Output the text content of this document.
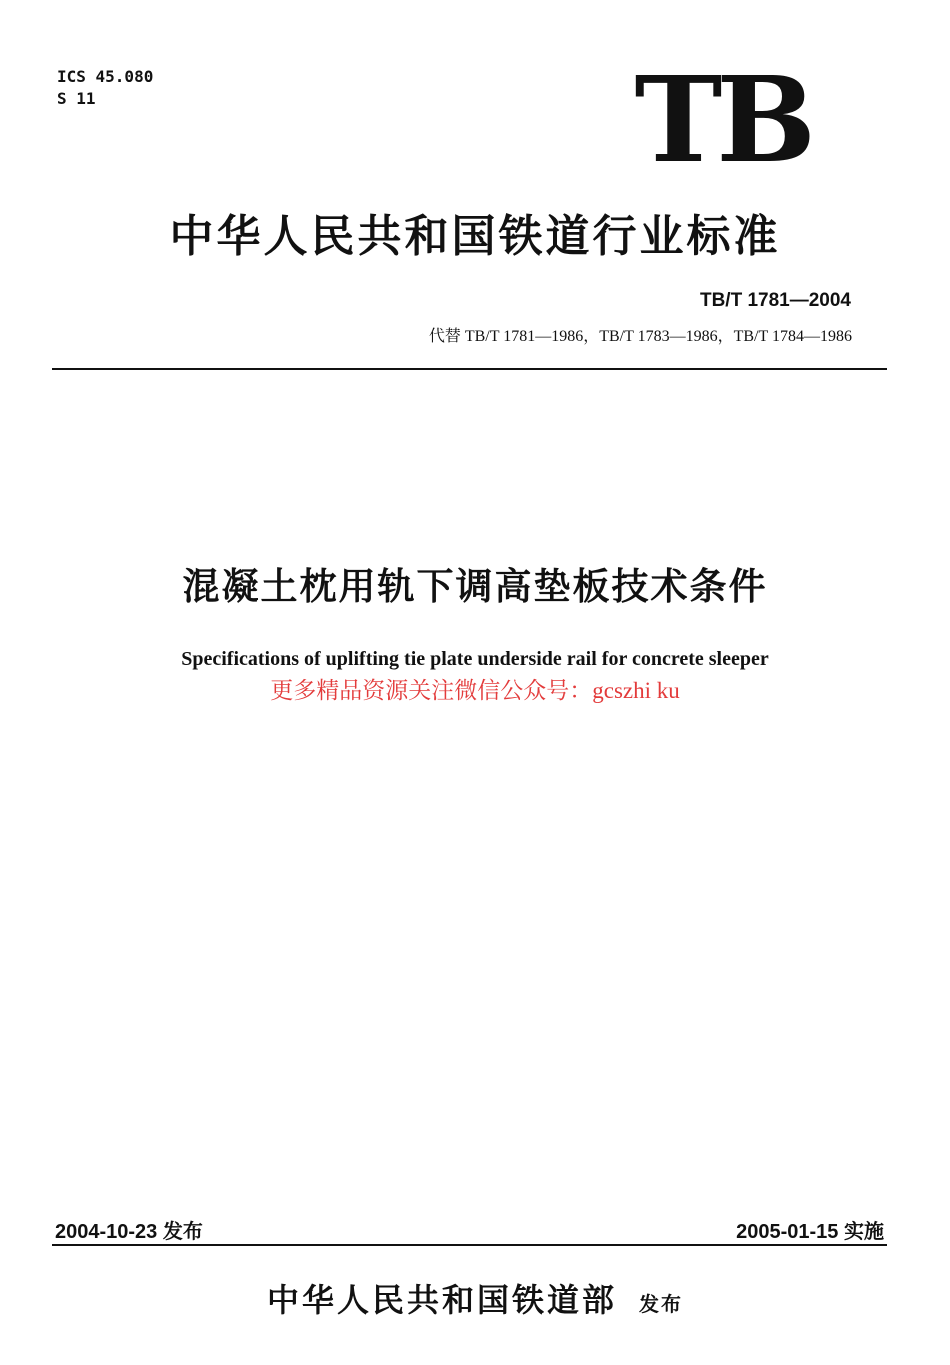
ICS 45.080
S 11	TB
中华人民共和国铁道行业标准
TB/T 1781—2004
代替 TB/T 1781—1986，TB/T 1783—1986，TB/T 1784—1986
混凝土枕用轨下调高垫板技术条件
Specifications of uplifting tie plate underside rail for concrete sleeper
更多精品资源关注微信公众号：gcszhi ku
2004-10-23 发布	2005-01-15 实施
中华人民共和国铁道部 发布
